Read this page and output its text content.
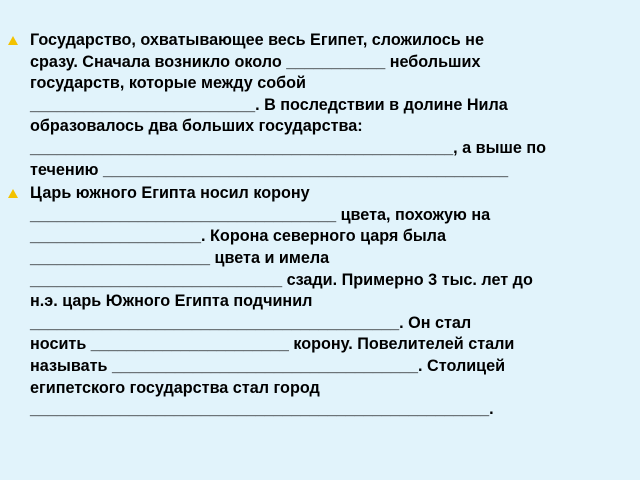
Государство, охватывающее весь Египет, сложилось не
сразу. Сначала возникло около ___________ небольших
государств, которые между собой
_________________________. В последствии в долине Нила
образовалось два больших государства:
_______________________________________________, а выше по
течению _____________________________________________
Царь южного Египта носил корону
__________________________________ цвета, похожую на
___________________. Корона северного царя была
____________________ цвета и имела
____________________________ сзади. Примерно 3 тыс. лет до
н.э. царь Южного Египта подчинил
_________________________________________. Он стал
носить ______________________ корону. Повелителей стали
называть __________________________________. Столицей
египетского государства стал город
___________________________________________________.
